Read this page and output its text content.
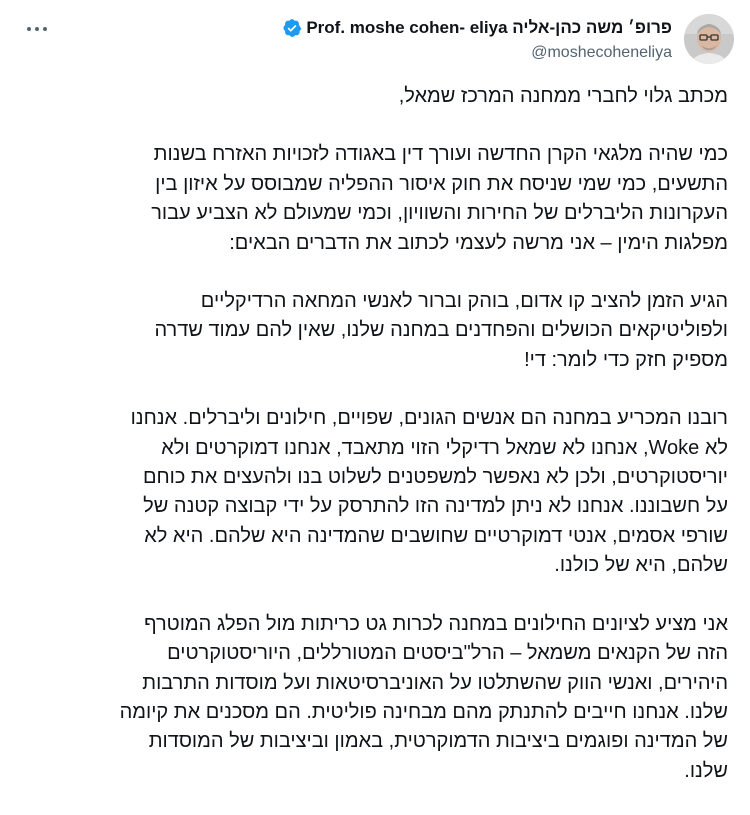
פרופ׳ משה כהן-אליה Prof. moshe cohen- eliya
@moshecoheneliya
מכתב גלוי לחברי ממחנה המרכז שמאל,
כמי שהיה מלגאי הקרן החדשה ועורך דין באגודה לזכויות האזרח בשנות
התשעים, כמי שמי שניסח את חוק איסור ההפליה שמבוסס על איזון בין
העקרונות הליברלים של החירות והשוויון, וכמי שמעולם לא הצביע עבור
מפלגות הימין – אני מרשה לעצמי לכתוב את הדברים הבאים:
הגיע הזמן להציב קו אדום, בוהק וברור לאנשי המחאה הרדיקליים
ולפוליטיקאים הכושלים והפחדנים במחנה שלנו, שאין להם עמוד שדרה
מספיק חזק כדי לומר: די!
רובנו המכריע במחנה הם אנשים הגונים, שפויים, חילונים וליברלים. אנחנו
לא Woke, אנחנו לא שמאל רדיקלי הזוי מתאבד, אנחנו דמוקרטים ולא
יוריסטוקרטים, ולכן לא נאפשר למשפטנים לשלוט בנו ולהעצים את כוחם
על חשבוננו. אנחנו לא ניתן למדינה הזו להתרסק על ידי קבוצה קטנה של
שורפי אסמים, אנטי דמוקרטיים שחושבים שהמדינה היא שלהם. היא לא
שלהם, היא של כולנו.
אני מציע לציונים החילונים במחנה לכרות גט כריתות מול הפלג המוטרף
הזה של הקנאים משמאל – הרל"ביסטים המטורללים, היוריסטוקרטים
היהירים, ואנשי הווק שהשתלטו על האוניברסיטאות ועל מוסדות התרבות
שלנו. אנחנו חייבים להתנתק מהם מבחינה פוליטית. הם מסכנים את קיומה
של המדינה ופוגמים ביציבות הדמוקרטית, באמון וביציבות של המוסדות
שלנו.
